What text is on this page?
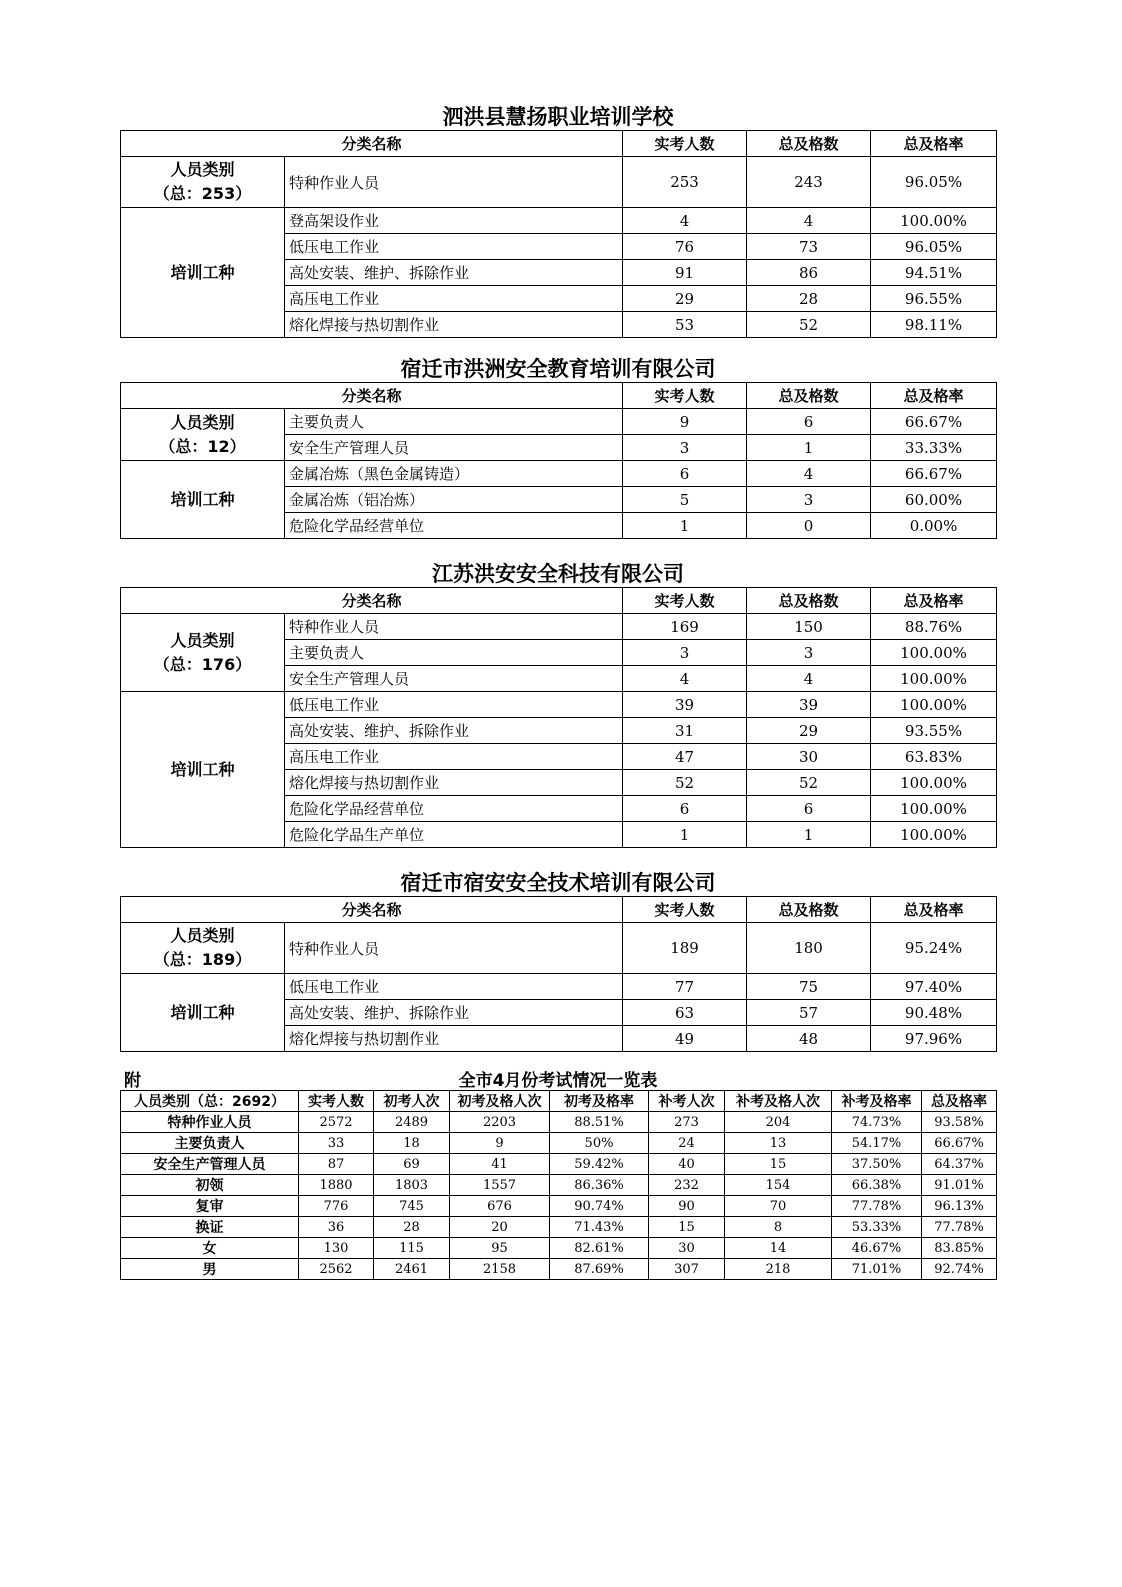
泗洪县慧扬职业培训学校
分类名称		实考人数	总及格数	总及格率

人员类别
（总：253）	特种作业人员	253	243	96.05%
培训工种	登高架设作业	4	4	100.00%
	低压电工作业	76	73	96.05%
	高处安装、维护、拆除作业	91	86	94.51%
	高压电工作业	29	28	96.55%
	熔化焊接与热切割作业	53	52	98.11%
宿迁市洪洲安全教育培训有限公司
分类名称		实考人数	总及格数	总及格率

人员类别
（总：12）	主要负责人	9	6	66.67%
	安全生产管理人员	3	1	33.33%
培训工种	金属冶炼（黑色金属铸造）	6	4	66.67%
	金属冶炼（铝冶炼）	5	3	60.00%
	危险化学品经营单位	1	0	0.00%
江苏洪安安全科技有限公司
分类名称		实考人数	总及格数	总及格率

人员类别
（总：176）	特种作业人员	169	150	88.76%
	主要负责人	3	3	100.00%
	安全生产管理人员	4	4	100.00%
培训工种	低压电工作业	39	39	100.00%
	高处安装、维护、拆除作业	31	29	93.55%
	高压电工作业	47	30	63.83%
	熔化焊接与热切割作业	52	52	100.00%
	危险化学品经营单位	6	6	100.00%
	危险化学品生产单位	1	1	100.00%
宿迁市宿安安全技术培训有限公司
分类名称		实考人数	总及格数	总及格率

人员类别
（总：189）	特种作业人员	189	180	95.24%
培训工种	低压电工作业	77	75	97.40%
	高处安装、维护、拆除作业	63	57	90.48%
	熔化焊接与热切割作业	49	48	97.96%
附	全市4月份考试情况一览表
人员类别（总：2692）	实考人数	初考人次	初考及格人次	初考及格率	补考人次	补考及格人次	补考及格率	总及格率
特种作业人员	2572	2489	2203	88.51%	273	204	74.73%	93.58%
主要负责人	33	18	9	50%	24	13	54.17%	66.67%
安全生产管理人员	87	69	41	59.42%	40	15	37.50%	64.37%
初领	1880	1803	1557	86.36%	232	154	66.38%	91.01%
复审	776	745	676	90.74%	90	70	77.78%	96.13%
换证	36	28	20	71.43%	15	8	53.33%	77.78%
女	130	115	95	82.61%	30	14	46.67%	83.85%
男	2562	2461	2158	87.69%	307	218	71.01%	92.74%
